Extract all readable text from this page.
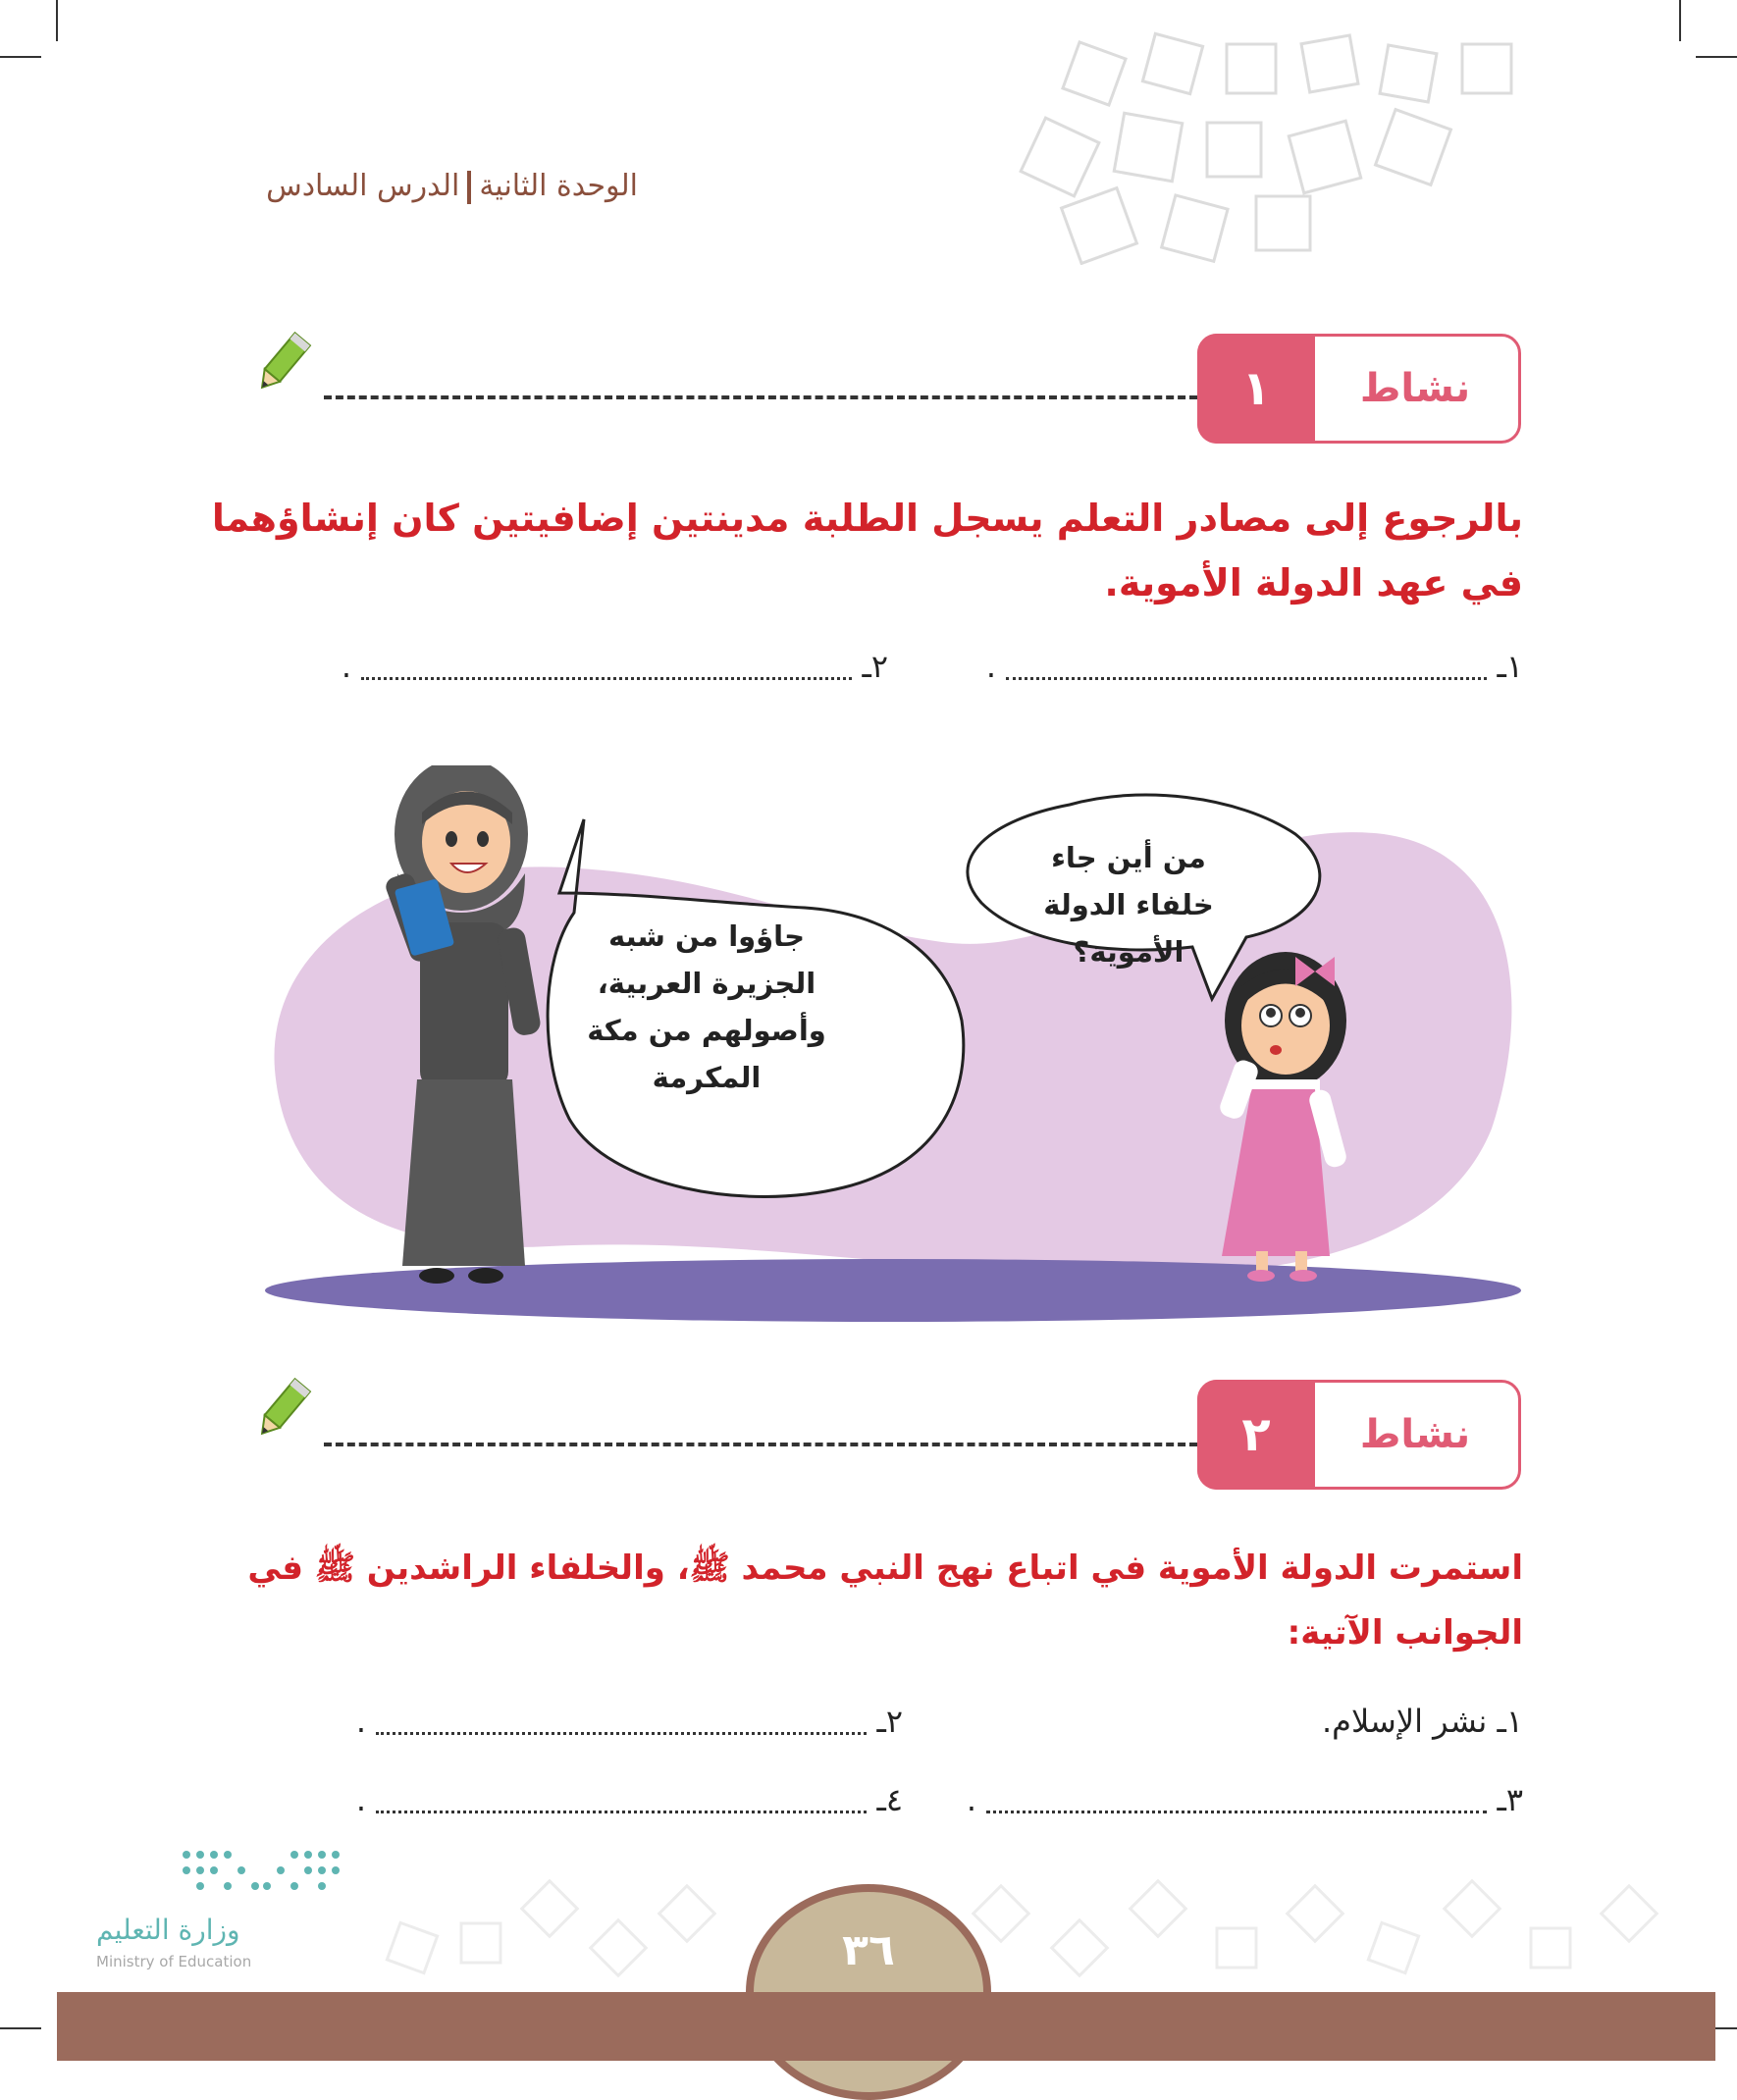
الوحدة الثانيةالدرس السادس
نشاط
١
بالرجوع إلى مصادر التعلم يسجل الطلبة مدينتين إضافيتين كان إنشاؤهما في عهد الدولة الأموية.
١ـ  .
٢ـ  .
من أين جاء خلفاء الدولة الأموية؟
جاؤوا من شبه الجزيرة العربية، وأصولهم من مكة المكرمة
نشاط
٢
استمرت الدولة الأموية في اتباع نهج النبي محمد ﷺ، والخلفاء الراشدين ﷺ في الجوانب الآتية:
١ـ نشر الإسلام.
٢ـ  .
٣ـ  .
٤ـ  .
وزارة التعليم
Ministry of Education	٣٦
